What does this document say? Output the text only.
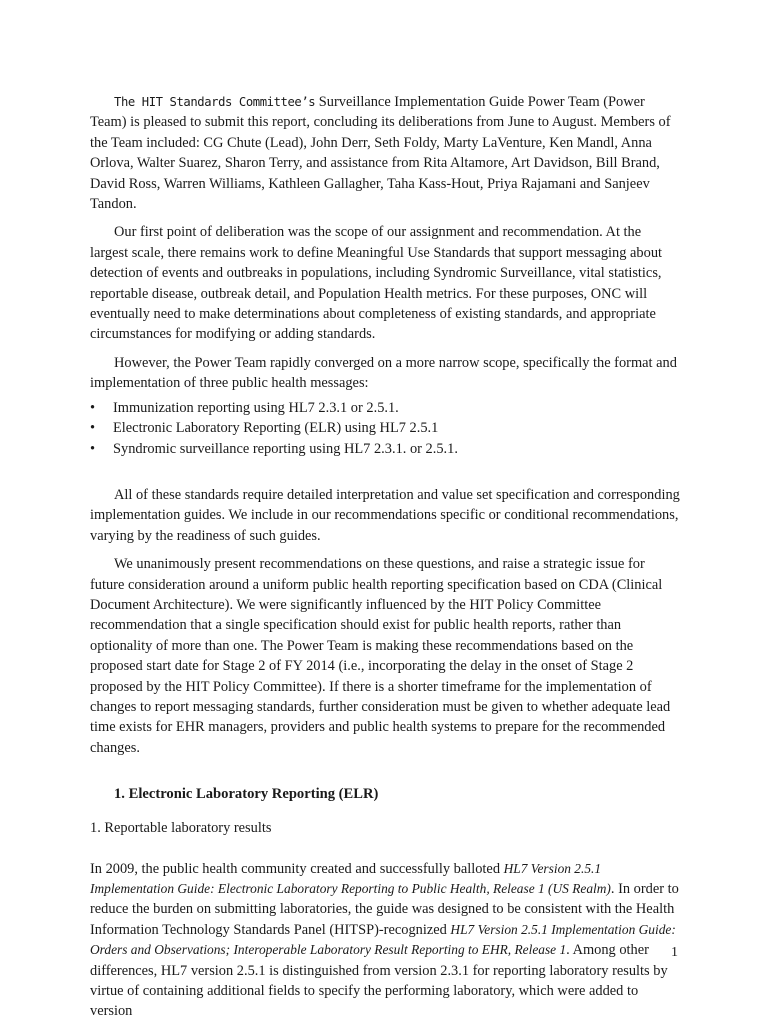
The HIT Standards Committee’s Surveillance Implementation Guide Power Team (Power Team) is pleased to submit this report, concluding its deliberations from June to August. Members of the Team included: CG Chute (Lead), John Derr, Seth Foldy, Marty LaVenture, Ken Mandl, Anna Orlova, Walter Suarez, Sharon Terry, and assistance from Rita Altamore, Art Davidson, Bill Brand, David Ross, Warren Williams, Kathleen Gallagher, Taha Kass-Hout, Priya Rajamani and Sanjeev Tandon.

Our first point of deliberation was the scope of our assignment and recommendation. At the largest scale, there remains work to define Meaningful Use Standards that support messaging about detection of events and outbreaks in populations, including Syndromic Surveillance, vital statistics, reportable disease, outbreak detail, and Population Health metrics. For these purposes, ONC will eventually need to make determinations about completeness of existing standards, and appropriate circumstances for modifying or adding standards.

However, the Power Team rapidly converged on a more narrow scope, specifically the format and implementation of three public health messages:

• Immunization reporting using HL7 2.3.1 or 2.5.1.
• Electronic Laboratory Reporting (ELR) using HL7 2.5.1
• Syndromic surveillance reporting using HL7 2.3.1. or 2.5.1.

All of these standards require detailed interpretation and value set specification and corresponding implementation guides. We include in our recommendations specific or conditional recommendations, varying by the readiness of such guides.

We unanimously present recommendations on these questions, and raise a strategic issue for future consideration around a uniform public health reporting specification based on CDA (Clinical Document Architecture). We were significantly influenced by the HIT Policy Committee recommendation that a single specification should exist for public health reports, rather than optionality of more than one. The Power Team is making these recommendations based on the proposed start date for Stage 2 of FY 2014 (i.e., incorporating the delay in the onset of Stage 2 proposed by the HIT Policy Committee). If there is a shorter timeframe for the implementation of changes to report messaging standards, further consideration must be given to whether adequate lead time exists for EHR managers, providers and public health systems to prepare for the recommended changes.

1. Electronic Laboratory Reporting (ELR)

1. Reportable laboratory results

In 2009, the public health community created and successfully balloted HL7 Version 2.5.1 Implementation Guide: Electronic Laboratory Reporting to Public Health, Release 1 (US Realm). In order to reduce the burden on submitting laboratories, the guide was designed to be consistent with the Health Information Technology Standards Panel (HITSP)-recognized HL7 Version 2.5.1 Implementation Guide: Orders and Observations; Interoperable Laboratory Result Reporting to EHR, Release 1. Among other differences, HL7 version 2.5.1 is distinguished from version 2.3.1 for reporting laboratory results by virtue of containing additional fields to specify the performing laboratory, which were added to version

1
